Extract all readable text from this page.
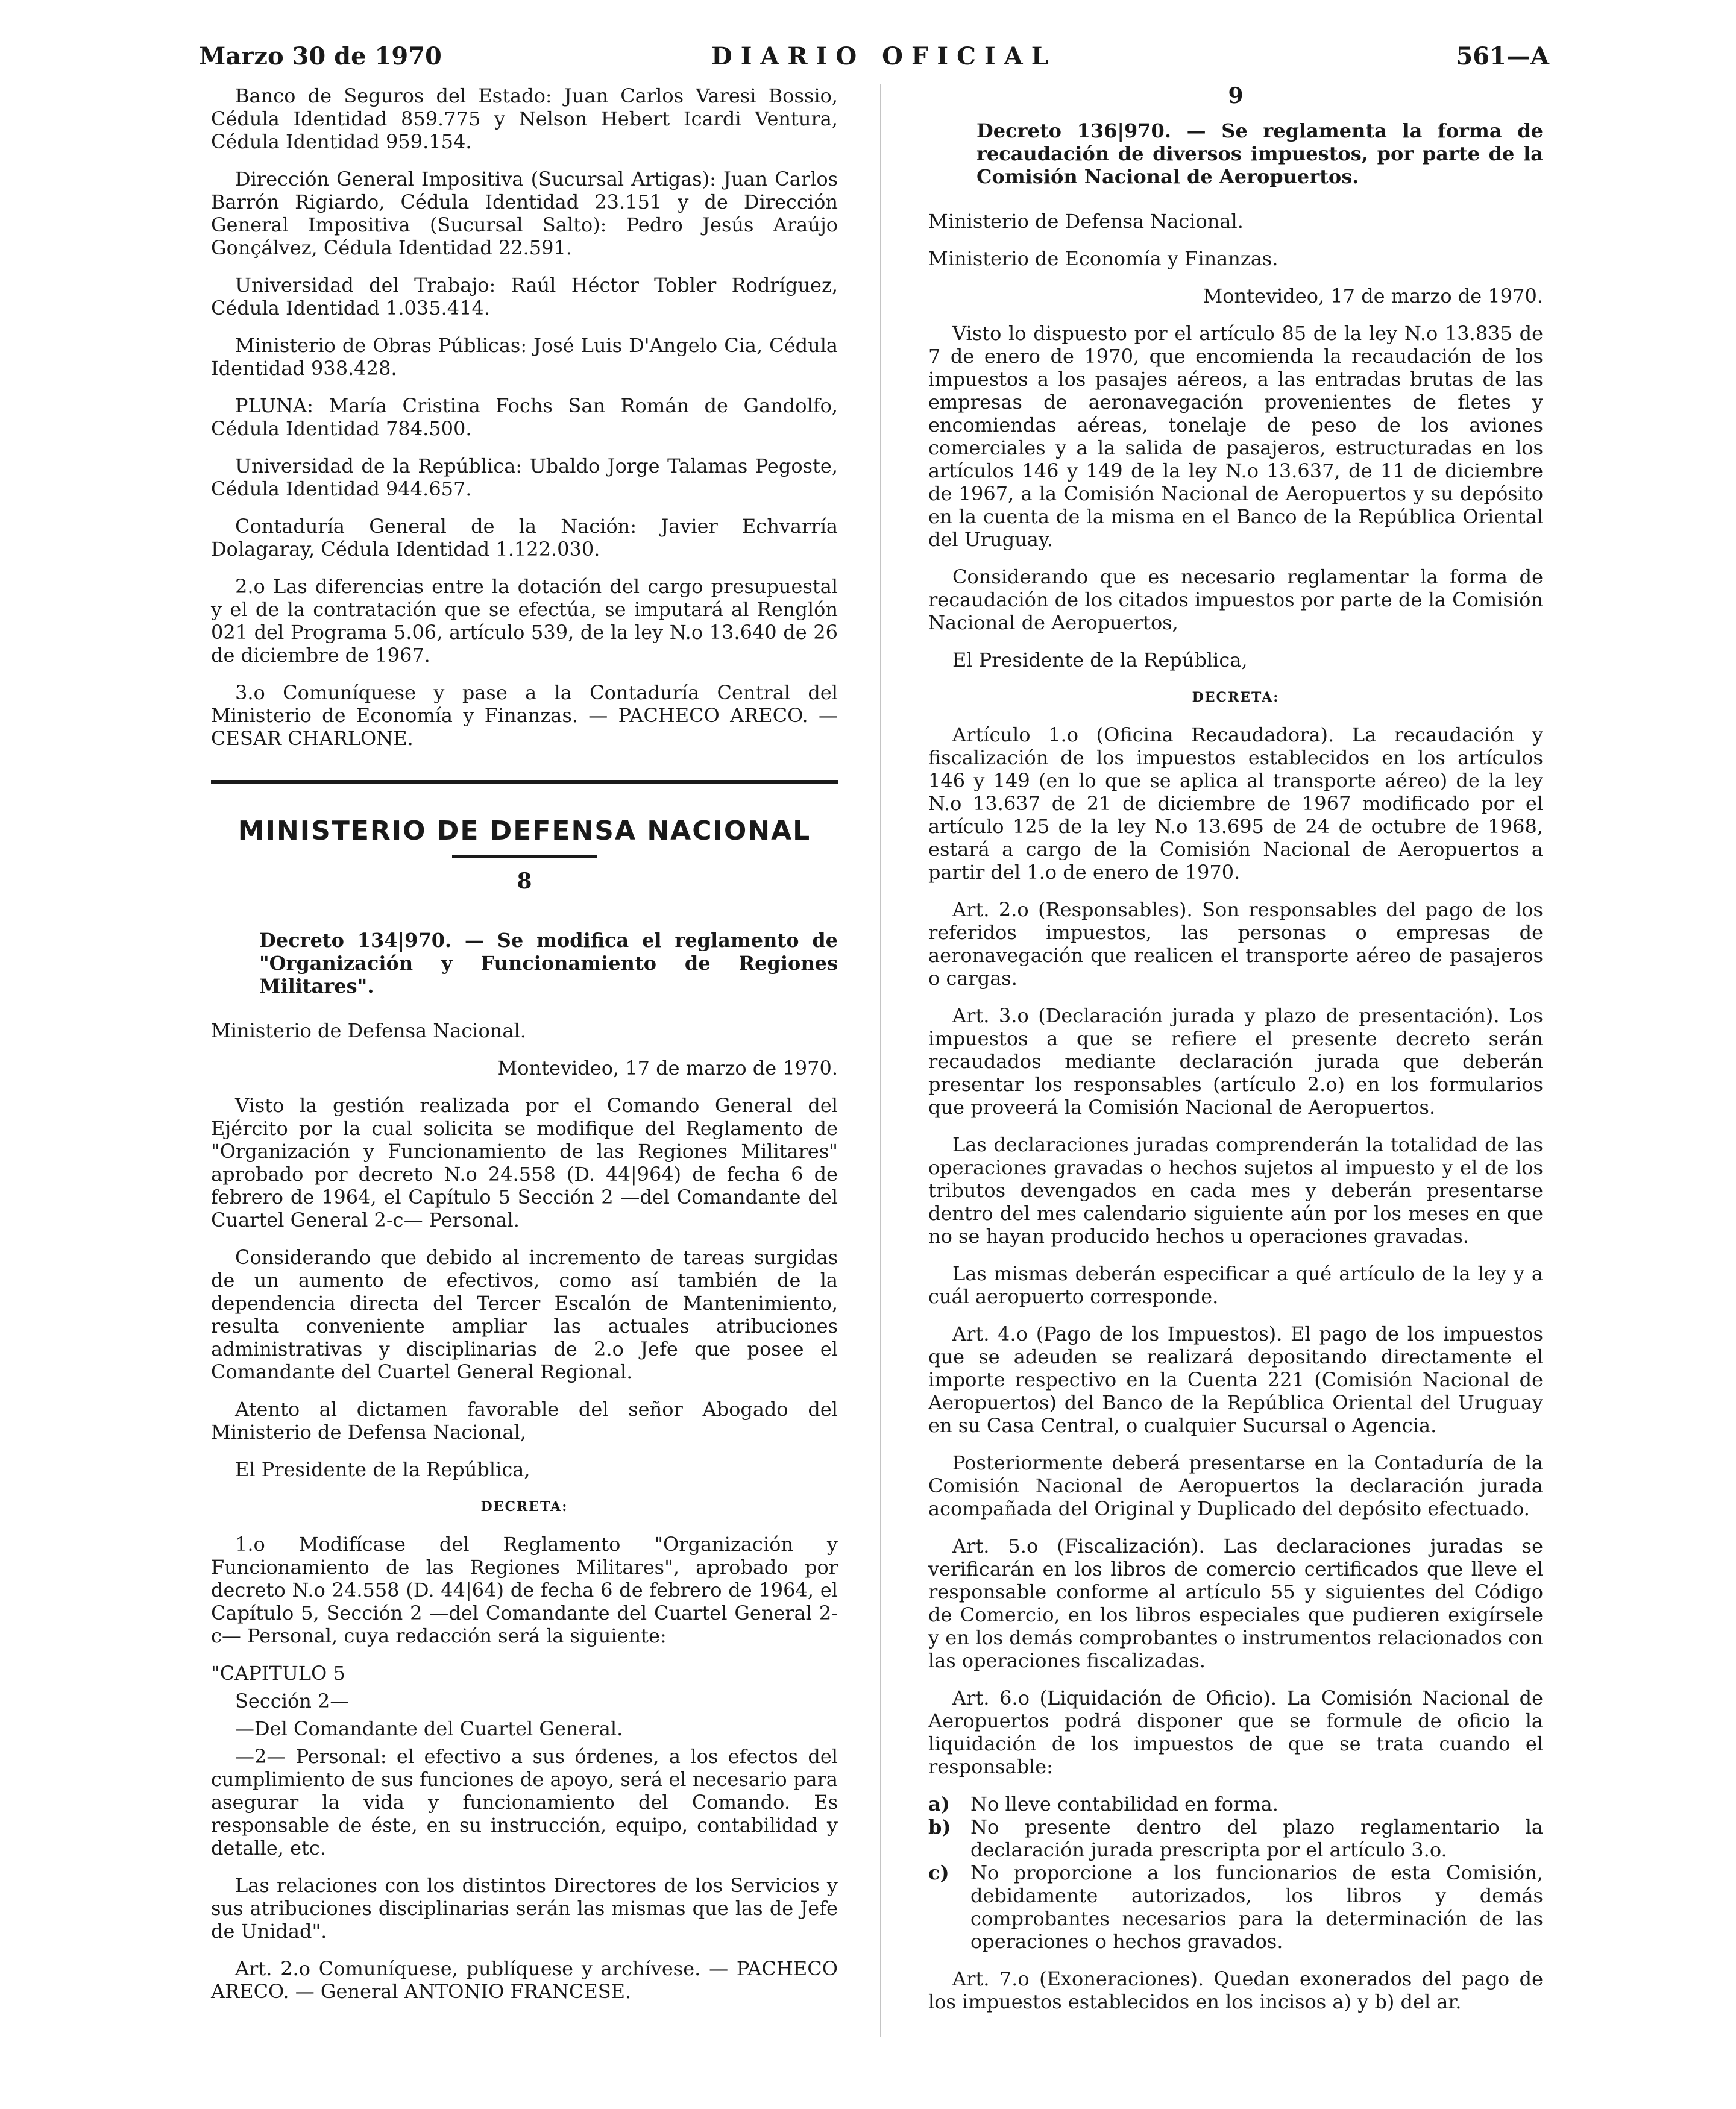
Marzo 30 de 1970	DIARIO OFICIAL	561—A

Banco de Seguros del Estado: Juan Carlos Varesi Bossio, Cédula Identidad 859.775 y Nelson Hebert Icardi Ventura, Cédula Identidad 959.154.

Dirección General Impositiva (Sucursal Artigas): Juan Carlos Barrón Rigiardo, Cédula Identidad 23.151 y de Dirección General Impositiva (Sucursal Salto): Pedro Jesús Araújo Gonçálvez, Cédula Identidad 22.591.

Universidad del Trabajo: Raúl Héctor Tobler Rodríguez, Cédula Identidad 1.035.414.

Ministerio de Obras Públicas: José Luis D'Angelo Cia, Cédula Identidad 938.428.

PLUNA: María Cristina Fochs San Román de Gandolfo, Cédula Identidad 784.500.

Universidad de la República: Ubaldo Jorge Talamas Pegoste, Cédula Identidad 944.657.

Contaduría General de la Nación: Javier Echvarría Dolagaray, Cédula Identidad 1.122.030.

2.o Las diferencias entre la dotación del cargo presupuestal y el de la contratación que se efectúa, se imputará al Renglón 021 del Programa 5.06, artículo 539, de la ley N.o 13.640 de 26 de diciembre de 1967.

3.o Comuníquese y pase a la Contaduría Central del Ministerio de Economía y Finanzas. — PACHECO ARECO. — CESAR CHARLONE.

MINISTERIO DE DEFENSA NACIONAL

8

Decreto 134|970. — Se modifica el reglamento de "Organización y Funcionamiento de Regiones Militares".

Ministerio de Defensa Nacional.

Montevideo, 17 de marzo de 1970.

Visto la gestión realizada por el Comando General del Ejército por la cual solicita se modifique del Reglamento de "Organización y Funcionamiento de las Regiones Militares" aprobado por decreto N.o 24.558 (D. 44|964) de fecha 6 de febrero de 1964, el Capítulo 5 Sección 2 —del Comandante del Cuartel General 2-c— Personal.

Considerando que debido al incremento de tareas surgidas de un aumento de efectivos, como así también de la dependencia directa del Tercer Escalón de Mantenimiento, resulta conveniente ampliar las actuales atribuciones administrativas y disciplinarias de 2.o Jefe que posee el Comandante del Cuartel General Regional.

Atento al dictamen favorable del señor Abogado del Ministerio de Defensa Nacional,

El Presidente de la República,

DECRETA:

1.o Modifícase del Reglamento "Organización y Funcionamiento de las Regiones Militares", aprobado por decreto N.o 24.558 (D. 44|64) de fecha 6 de febrero de 1964, el Capítulo 5, Sección 2 —del Comandante del Cuartel General 2-c— Personal, cuya redacción será la siguiente:

"CAPITULO 5

Sección 2—

—Del Comandante del Cuartel General.

—2— Personal: el efectivo a sus órdenes, a los efectos del cumplimiento de sus funciones de apoyo, será el necesario para asegurar la vida y funcionamiento del Comando. Es responsable de éste, en su instrucción, equipo, contabilidad y detalle, etc.

Las relaciones con los distintos Directores de los Servicios y sus atribuciones disciplinarias serán las mismas que las de Jefe de Unidad".

Art. 2.o Comuníquese, publíquese y archívese. — PACHECO ARECO. — General ANTONIO FRANCESE.

9

Decreto 136|970. — Se reglamenta la forma de recaudación de diversos impuestos, por parte de la Comisión Nacional de Aeropuertos.

Ministerio de Defensa Nacional.

Ministerio de Economía y Finanzas.

Montevideo, 17 de marzo de 1970.

Visto lo dispuesto por el artículo 85 de la ley N.o 13.835 de 7 de enero de 1970, que encomienda la recaudación de los impuestos a los pasajes aéreos, a las entradas brutas de las empresas de aeronavegación provenientes de fletes y encomiendas aéreas, tonelaje de peso de los aviones comerciales y a la salida de pasajeros, estructuradas en los artículos 146 y 149 de la ley N.o 13.637, de 11 de diciembre de 1967, a la Comisión Nacional de Aeropuertos y su depósito en la cuenta de la misma en el Banco de la República Oriental del Uruguay.

Considerando que es necesario reglamentar la forma de recaudación de los citados impuestos por parte de la Comisión Nacional de Aeropuertos,

El Presidente de la República,

DECRETA:

Artículo 1.o (Oficina Recaudadora). La recaudación y fiscalización de los impuestos establecidos en los artículos 146 y 149 (en lo que se aplica al transporte aéreo) de la ley N.o 13.637 de 21 de diciembre de 1967 modificado por el artículo 125 de la ley N.o 13.695 de 24 de octubre de 1968, estará a cargo de la Comisión Nacional de Aeropuertos a partir del 1.o de enero de 1970.

Art. 2.o (Responsables). Son responsables del pago de los referidos impuestos, las personas o empresas de aeronavegación que realicen el transporte aéreo de pasajeros o cargas.

Art. 3.o (Declaración jurada y plazo de presentación). Los impuestos a que se refiere el presente decreto serán recaudados mediante declaración jurada que deberán presentar los responsables (artículo 2.o) en los formularios que proveerá la Comisión Nacional de Aeropuertos.

Las declaraciones juradas comprenderán la totalidad de las operaciones gravadas o hechos sujetos al impuesto y el de los tributos devengados en cada mes y deberán presentarse dentro del mes calendario siguiente aún por los meses en que no se hayan producido hechos u operaciones gravadas.

Las mismas deberán especificar a qué artículo de la ley y a cuál aeropuerto corresponde.

Art. 4.o (Pago de los Impuestos). El pago de los impuestos que se adeuden se realizará depositando directamente el importe respectivo en la Cuenta 221 (Comisión Nacional de Aeropuertos) del Banco de la República Oriental del Uruguay en su Casa Central, o cualquier Sucursal o Agencia.

Posteriormente deberá presentarse en la Contaduría de la Comisión Nacional de Aeropuertos la declaración jurada acompañada del Original y Duplicado del depósito efectuado.

Art. 5.o (Fiscalización). Las declaraciones juradas se verificarán en los libros de comercio certificados que lleve el responsable conforme al artículo 55 y siguientes del Código de Comercio, en los libros especiales que pudieren exigírsele y en los demás comprobantes o instrumentos relacionados con las operaciones fiscalizadas.

Art. 6.o (Liquidación de Oficio). La Comisión Nacional de Aeropuertos podrá disponer que se formule de oficio la liquidación de los impuestos de que se trata cuando el responsable:

a)	No lleve contabilidad en forma.
b)	No presente dentro del plazo reglamentario la declaración jurada prescripta por el artículo 3.o.
c)	No proporcione a los funcionarios de esta Comisión, debidamente autorizados, los libros y demás comprobantes necesarios para la determinación de las operaciones o hechos gravados.

Art. 7.o (Exoneraciones). Quedan exonerados del pago de los impuestos establecidos en los incisos a) y b) del ar.
